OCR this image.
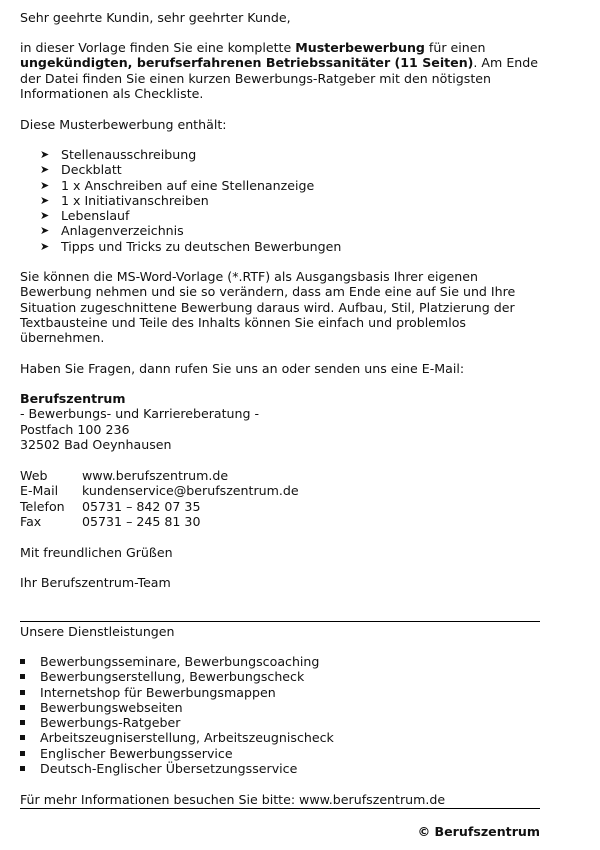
Sehr geehrte Kundin, sehr geehrter Kunde,
in dieser Vorlage finden Sie eine komplette Musterbewerbung für einen
ungekündigten, berufserfahrenen Betriebssanitäter (11 Seiten). Am Ende
der Datei finden Sie einen kurzen Bewerbungs-Ratgeber mit den nötigsten
Informationen als Checkliste.
Diese Musterbewerbung enthält:
➤ Stellenausschreibung
➤ Deckblatt
➤ 1 x Anschreiben auf eine Stellenanzeige
➤ 1 x Initiativanschreiben
➤ Lebenslauf
➤ Anlagenverzeichnis
➤ Tipps und Tricks zu deutschen Bewerbungen
Sie können die MS-Word-Vorlage (*.RTF) als Ausgangsbasis Ihrer eigenen
Bewerbung nehmen und sie so verändern, dass am Ende eine auf Sie und Ihre
Situation zugeschnittene Bewerbung daraus wird. Aufbau, Stil, Platzierung der
Textbausteine und Teile des Inhalts können Sie einfach und problemlos
übernehmen.
Haben Sie Fragen, dann rufen Sie uns an oder senden uns eine E-Mail:
Berufszentrum
- Bewerbungs- und Karriereberatung -
Postfach 100 236
32502 Bad Oeynhausen
Web	www.berufszentrum.de
E-Mail	kundenservice@berufszentrum.de
Telefon	05731 – 842 07 35
Fax	05731 – 245 81 30
Mit freundlichen Grüßen
Ihr Berufszentrum-Team
Unsere Dienstleistungen
Bewerbungsseminare, Bewerbungscoaching
Bewerbungserstellung, Bewerbungscheck
Internetshop für Bewerbungsmappen
Bewerbungswebseiten
Bewerbungs-Ratgeber
Arbeitszeugniserstellung, Arbeitszeugnischeck
Englischer Bewerbungsservice
Deutsch-Englischer Übersetzungsservice
Für mehr Informationen besuchen Sie bitte: www.berufszentrum.de
© Berufszentrum
